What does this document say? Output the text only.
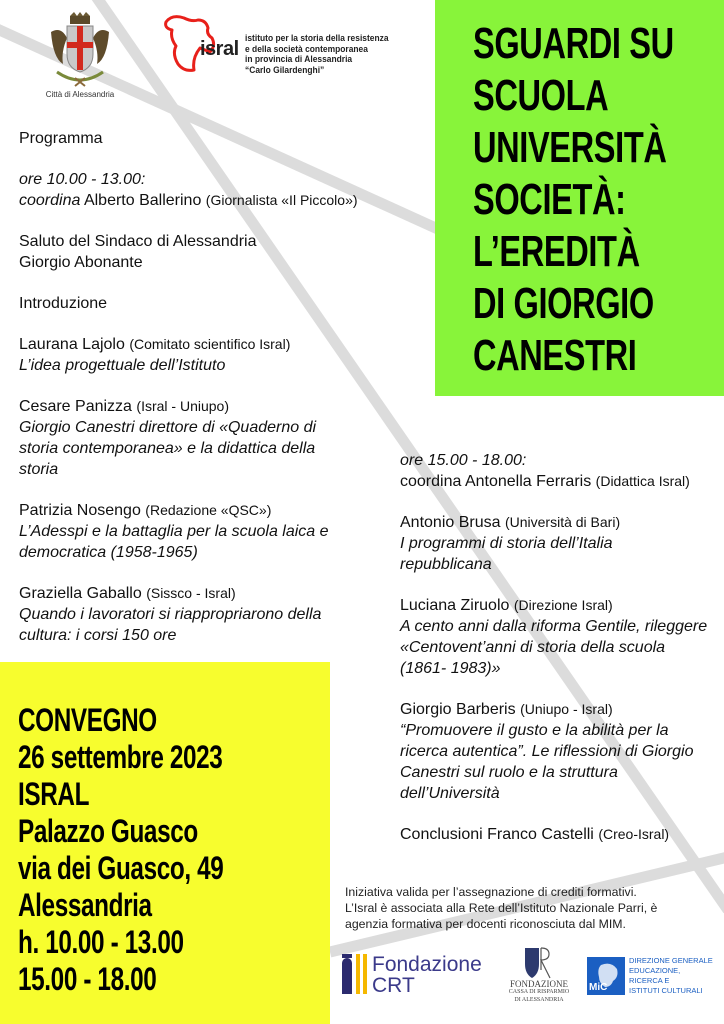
Città di Alessandria
isral istituto per la storia della resistenza
e della società contemporanea
in provincia di Alessandria
“Carlo Gilardenghi”
SGUARDI SU
SCUOLA
UNIVERSITÀ
SOCIETÀ:
L’EREDITÀ
DI GIORGIO
CANESTRI

Programma

ore 10.00 - 13.00:
coordina Alberto Ballerino (Giornalista «Il Piccolo»)

Saluto del Sindaco di Alessandria
Giorgio Abonante

Introduzione

Laurana Lajolo (Comitato scientifico Isral)
L’idea progettuale dell’Istituto

Cesare Panizza (Isral - Uniupo)
Giorgio Canestri direttore di «Quaderno di storia contemporanea» e la didattica della storia

Patrizia Nosengo (Redazione «QSC»)
L’Adesspi e la battaglia per la scuola laica e democratica (1958-1965)

Graziella Gaballo (Sissco - Isral)
Quando i lavoratori si riappropriarono della cultura: i corsi 150 ore

ore 15.00 - 18.00:
coordina Antonella Ferraris (Didattica Isral)

Antonio Brusa (Università di Bari)
I programmi di storia dell’Italia repubblicana

Luciana Ziruolo (Direzione Isral)
A cento anni dalla riforma Gentile, rileggere «Centovent’anni di storia della scuola (1861- 1983)»

Giorgio Barberis (Uniupo - Isral)
“Promuovere il gusto e la abilità per la ricerca autentica”. Le riflessioni di Giorgio Canestri sul ruolo e la struttura dell’Università

Conclusioni Franco Castelli (Creo-Isral)

CONVEGNO
26 settembre 2023
ISRAL
Palazzo Guasco
via dei Guasco, 49
Alessandria
h. 10.00 - 13.00
15.00 - 18.00
Iniziativa valida per l’assegnazione di crediti formativi.
L’Isral è associata alla Rete dell’Istituto Nazionale Parri, è
agenzia formativa per docenti riconosciuta dal MIM.
Fondazione
CRT	FONDAZIONE
CASSA DI RISPARMIO
DI ALESSANDRIA
MiC
DIREZIONE GENERALE
EDUCAZIONE,
RICERCA E
ISTITUTI CULTURALI
